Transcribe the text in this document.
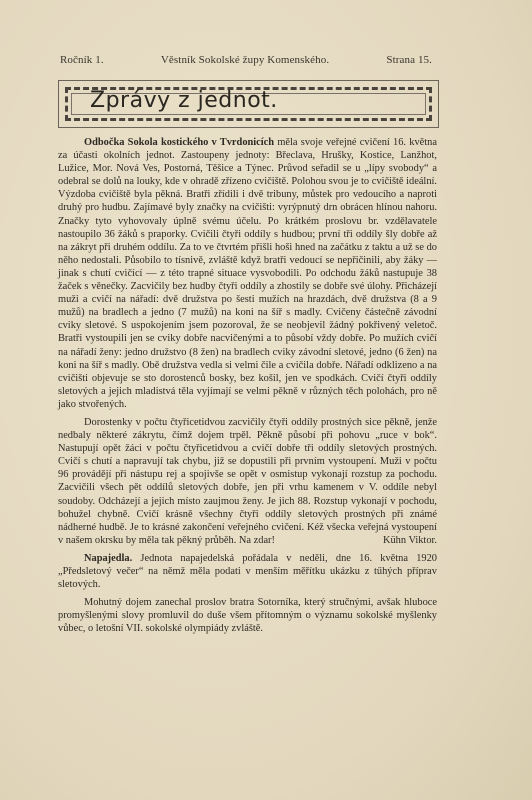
Ročník 1.	Věstník Sokolské župy Komenského.	Strana 15.
Zprávy z jednot.

Odbočka Sokola kostického v Tvrdonicích měla svoje veřejné cvičení 16. května za účasti okolních jednot. Zastoupeny jednoty: Břeclava, Hrušky, Kostice, Lanžhot, Lužice, Mor. Nová Ves, Postorná, Těšice a Týnec. Průvod seřadil se u „lípy svobody“ a odebral se dolů na louky, kde v ohradě zřízeno cvičiště. Polohou svou je to cvičiště ideální. Výzdoba cvičiště byla pěkná. Bratři zřídili i dvě tribuny, můstek pro vedoucího a naproti druhý pro hudbu. Zajímavé byly značky na cvičišti: vyrýpnutý drn obrácen hlínou nahoru. Značky tyto vyhovovaly úplně svému účelu. Po krátkém proslovu br. vzdělavatele nastoupilo 36 žáků s praporky. Cvičili čtyři oddíly s hudbou; první tři oddíly šly dobře až na zákryt při druhém oddílu. Za to ve čtvrtém přišli hoši hned na začátku z taktu a už se do něho nedostali. Působilo to tísnivě, zvláště když bratři vedoucí se nepřičinili, aby žáky — jinak s chutí cvičící — z této trapné situace vysvobodili. Po odchodu žáků nastupuje 38 žaček s věnečky. Zacvičily bez hudby čtyři oddíly a zhostily se dobře své úlohy. Přicházejí muži a cvičí na nářadí: dvě družstva po šesti mužích na hrazdách, dvě družstva (8 a 9 mužů) na bradlech a jedno (7 mužů) na koni na šíř s madly. Cvičeny částečně závodní cviky sletové. S uspokojením jsem pozoroval, že se neobjevil žádný pokřivený veletoč. Bratři vystoupili jen se cviky dobře nacvičenými a to působí vždy dobře. Po mužích cvičí na nářadí ženy: jedno družstvo (8 žen) na bradlech cviky závodní sletové, jedno (6 žen) na koni na šíř s madly. Obě družstva vedla si velmi čile a cvičila dobře. Nářadí odklizeno a na cvičišti objevuje se sto dorostenců bosky, bez košil, jen ve spodkách. Cvičí čtyři oddíly sletových a jejich mladistvá těla vyjímají se velmi pěkně v různých těch polohách, pro ně jako stvořených.

Dorostenky v počtu čtyřicetidvou zacvičily čtyři oddíly prostných sice pěkně, jenže nedbaly některé zákrytu, čímž dojem trpěl. Pěkně působí při pohovu „ruce v bok“. Nastupují opět žáci v počtu čtyřicetidvou a cvičí dobře tři oddíly sletových prostných. Cvičí s chutí a napravují tak chybu, již se dopustili při prvním vystoupení. Muži v počtu 96 provádějí při nástupu rej a spojivše se opět v osmistup vykonají rozstup za pochodu. Zacvičili všech pět oddílů sletových dobře, jen při vrhu kamenem v V. oddíle nebyl soudoby. Odcházejí a jejich místo zaujmou ženy. Je jich 88. Rozstup vykonají v pochodu, bohužel chybně. Cvičí krásně všechny čtyři oddíly sletových prostných při známé nádherné hudbě. Je to krásné zakončení veřejného cvičení. Kéž všecka veřejná vystoupení v našem okrsku by měla tak pěkný průběh. Na zdar!	Kühn Viktor.

Napajedla. Jednota napajedelská pořádala v neděli, dne 16. května 1920 „Předsletový večer“ na němž měla podati v menším měřítku ukázku z tűhých příprav sletových.

Mohutný dojem zanechal proslov bratra Sotorníka, který stručnými, avšak hluboce promyšlenými slovy promluvil do duše všem přítomným o významu sokolské myšlenky vůbec, o letošní VII. sokolské olympiády zvláště.
